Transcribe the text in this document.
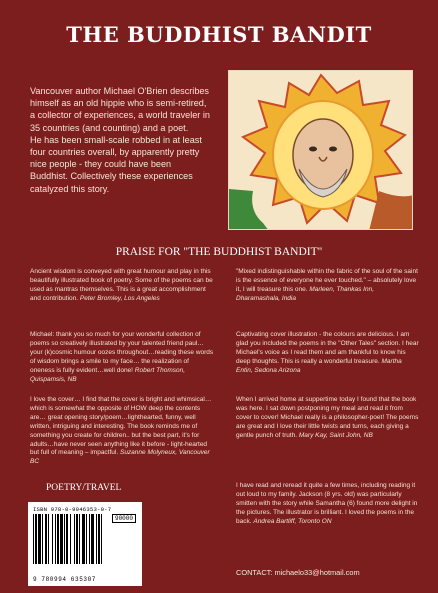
THE BUDDHIST BANDIT

Vancouver author Michael O'Brien describes himself as an old hippie who is semi-retired, a collector of experiences, a world traveler in 35 countries (and counting) and a poet.

He has been small-scale robbed in at least four countries overall, by apparently pretty nice people - they could have been Buddhist. Collectively these experiences catalyzed this story.

PRAISE FOR "THE BUDDHIST BANDIT"
Ancient wisdom is conveyed with great humour and play in this beautifully illustrated book of poetry. Some of the poems can be used as mantras themselves. This is a great accomplishment and contribution. Peter Bromley, Los Angeles
Michael: thank you so much for your wonderful collection of poems so creatively illustrated by your talented friend paul… your (k)cosmic humour oozes throughout…reading these words of wisdom brings a smile to my face… the realization of oneness is fully evident…well done! Robert Thomson, Quispamsis, NB
I love the cover… I find that the cover is bright and whimsical…which is somewhat the opposite of HOW deep the contents are… great opening story/poem…lighthearted, funny, well written, intriguing and interesting. The book reminds me of something you create for children.. but the best part, it's for adults…have never seen anything like it before - light-hearted but full of meaning – impactful. Suzanne Molyneux, Vancouver BC
"Mixed indistinguishable within the fabric of the soul of the saint is the essence of everyone he ever touched." – absolutely love it, I will treasure this one. Marleen, Thankas Inn, Dharamashala, India
Captivating cover illustration - the colours are delicious. I am glad you included the poems in the "Other Tales" section. I hear Michael's voice as I read them and am thankful to know his deep thoughts. This is really a wonderful treasure. Martha Entin, Sedona Arizona
When I arrived home at suppertime today I found that the book was here. I sat down postponing my meal and read it from cover to cover! Michael really is a philosopher-poet! The poems are great and I love their little twists and turns, each giving a gentle punch of truth. Mary Kay, Saint John, NB
I have read and reread it quite a few times, including reading it out loud to my family. Jackson (8 yrs. old) was particularly smitten with the story while Samantha (6) found more delight in the pictures. The illustrator is brilliant. I loved the poems in the back. Andrea Bartliff, Toronto ON
POETRY/TRAVEL
ISBN 978-0-9946353-0-7
90000
9 780994 635307
CONTACT: michaelo33@hotmail.com
